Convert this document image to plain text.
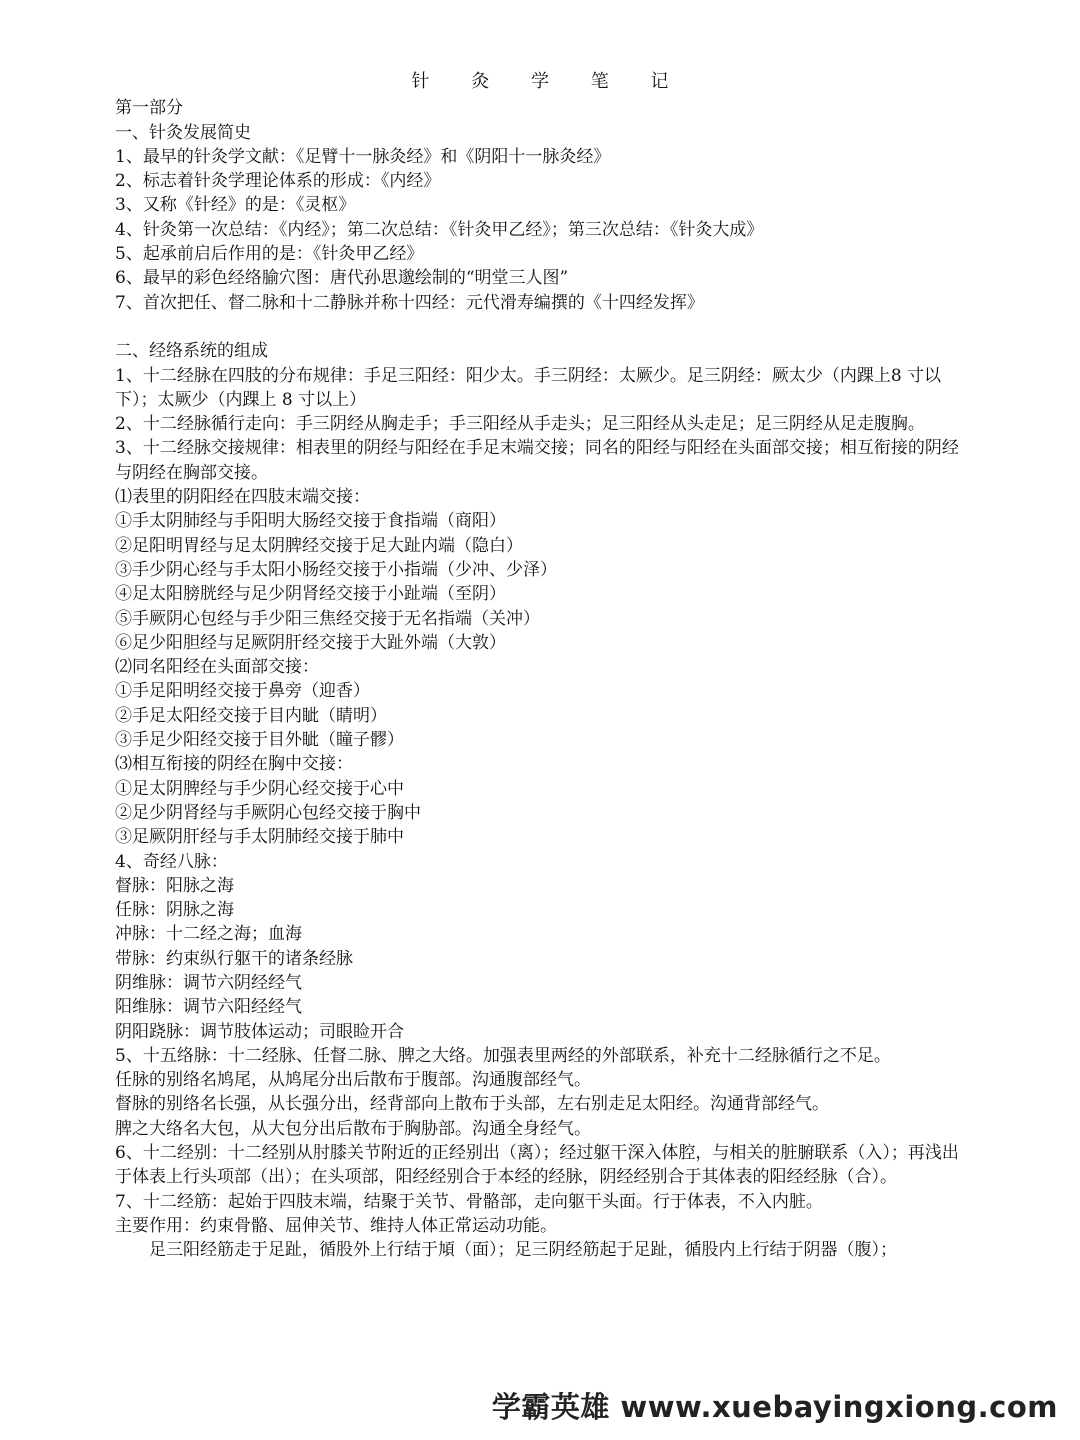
针 灸 学 笔 记
第一部分
一、针灸发展简史
1、最早的针灸学文献：《足臂十一脉灸经》和《阴阳十一脉灸经》
2、标志着针灸学理论体系的形成：《内经》
3、又称《针经》的是：《灵枢》
4、针灸第一次总结：《内经》；第二次总结：《针灸甲乙经》；第三次总结：《针灸大成》
5、起承前启后作用的是：《针灸甲乙经》
6、最早的彩色经络腧穴图：唐代孙思邈绘制的“明堂三人图”
7、首次把任、督二脉和十二静脉并称十四经：元代滑寿编撰的《十四经发挥》
二、经络系统的组成
1、十二经脉在四肢的分布规律：手足三阳经：阳少太。手三阴经：太厥少。足三阴经：厥太少（内踝上8 寸以下）；太厥少（内踝上 8 寸以上）
2、十二经脉循行走向：手三阴经从胸走手；手三阳经从手走头；足三阳经从头走足；足三阴经从足走腹胸。
3、十二经脉交接规律：相表里的阴经与阳经在手足末端交接；同名的阳经与阳经在头面部交接；相互衔接的阴经与阴经在胸部交接。
⑴表里的阴阳经在四肢末端交接：
①手太阴肺经与手阳明大肠经交接于食指端（商阳）
②足阳明胃经与足太阴脾经交接于足大趾内端（隐白）
③手少阴心经与手太阳小肠经交接于小指端（少冲、少泽）
④足太阳膀胱经与足少阴肾经交接于小趾端（至阴）
⑤手厥阴心包经与手少阳三焦经交接于无名指端（关冲）
⑥足少阳胆经与足厥阴肝经交接于大趾外端（大敦）
⑵同名阳经在头面部交接：
①手足阳明经交接于鼻旁（迎香）
②手足太阳经交接于目内眦（睛明）
③手足少阳经交接于目外眦（瞳子髎）
⑶相互衔接的阴经在胸中交接：
①足太阴脾经与手少阴心经交接于心中
②足少阴肾经与手厥阴心包经交接于胸中
③足厥阴肝经与手太阴肺经交接于肺中
4、奇经八脉：
督脉：阳脉之海
任脉：阴脉之海
冲脉：十二经之海；血海
带脉：约束纵行躯干的诸条经脉
阴维脉：调节六阴经经气
阳维脉：调节六阳经经气
阴阳跷脉：调节肢体运动；司眼睑开合
5、十五络脉：十二经脉、任督二脉、脾之大络。加强表里两经的外部联系，补充十二经脉循行之不足。
任脉的别络名鸠尾，从鸠尾分出后散布于腹部。沟通腹部经气。
督脉的别络名长强，从长强分出，经背部向上散布于头部，左右别走足太阳经。沟通背部经气。
脾之大络名大包，从大包分出后散布于胸胁部。沟通全身经气。
6、十二经别：十二经别从肘膝关节附近的正经别出（离）；经过躯干深入体腔，与相关的脏腑联系（入）；再浅出于体表上行头项部（出）；在头项部，阳经经别合于本经的经脉，阴经经别合于其体表的阳经经脉（合）。
7、十二经筋：起始于四肢末端，结聚于关节、骨骼部，走向躯干头面。行于体表，不入内脏。
主要作用：约束骨骼、屈伸关节、维持人体正常运动功能。
足三阳经筋走于足趾，循股外上行结于頄（面）；足三阴经筋起于足趾，循股内上行结于阴器（腹）；
学霸英雄 www.xuebayingxiong.com
